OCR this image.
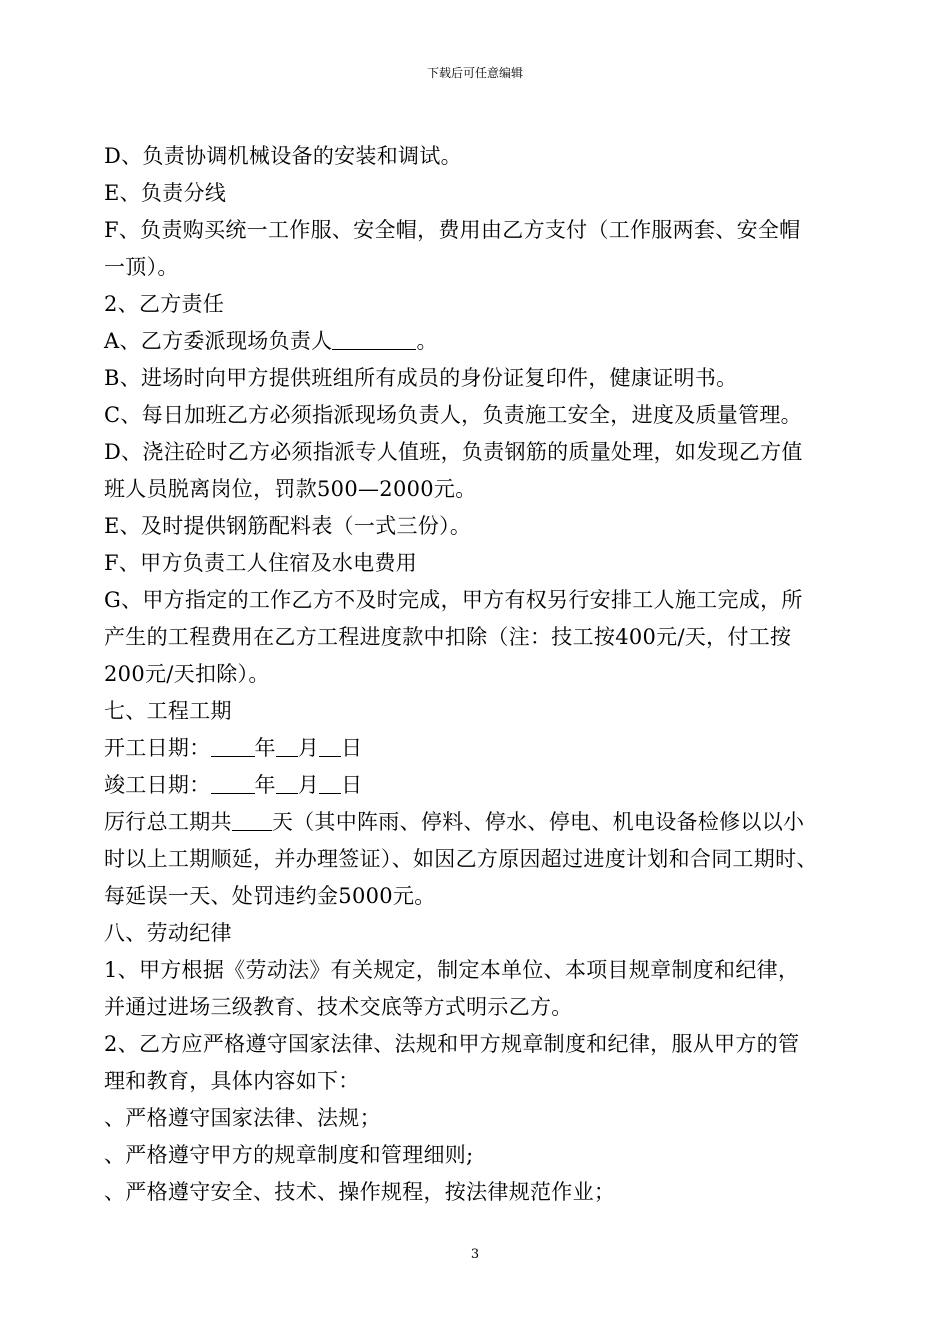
下载后可任意编辑
D、负责协调机械设备的安装和调试。
E、负责分线
F、负责购买统一工作服、安全帽，费用由乙方支付（工作服两套、安全帽
一顶）。
2、乙方责任
A、乙方委派现场负责人	。
B、进场时向甲方提供班组所有成员的身份证复印件，健康证明书。
C、每日加班乙方必须指派现场负责人，负责施工安全，进度及质量管理。
D、浇注砼时乙方必须指派专人值班，负责钢筋的质量处理，如发现乙方值
班人员脱离岗位，罚款500—2000元。
E、及时提供钢筋配料表（一式三份）。
F、甲方负责工人住宿及水电费用
G、甲方指定的工作乙方不及时完成，甲方有权另行安排工人施工完成，所
产生的工程费用在乙方工程进度款中扣除（注：技工按400元/天，付工按
200元/天扣除）。
七、工程工期
开工日期： 年 月 日
竣工日期： 年 月 日
厉行总工期共 天（其中阵雨、停料、停水、停电、机电设备检修以以小
时以上工期顺延，并办理签证）、如因乙方原因超过进度计划和合同工期时、
每延误一天、处罚违约金5000元。
八、劳动纪律
1、甲方根据《劳动法》有关规定，制定本单位、本项目规章制度和纪律，
并通过进场三级教育、技术交底等方式明示乙方。
2、乙方应严格遵守国家法律、法规和甲方规章制度和纪律，服从甲方的管
理和教育，具体内容如下：
、严格遵守国家法律、法规；
、严格遵守甲方的规章制度和管理细则;
、严格遵守安全、技术、操作规程，按法律规范作业；
3
